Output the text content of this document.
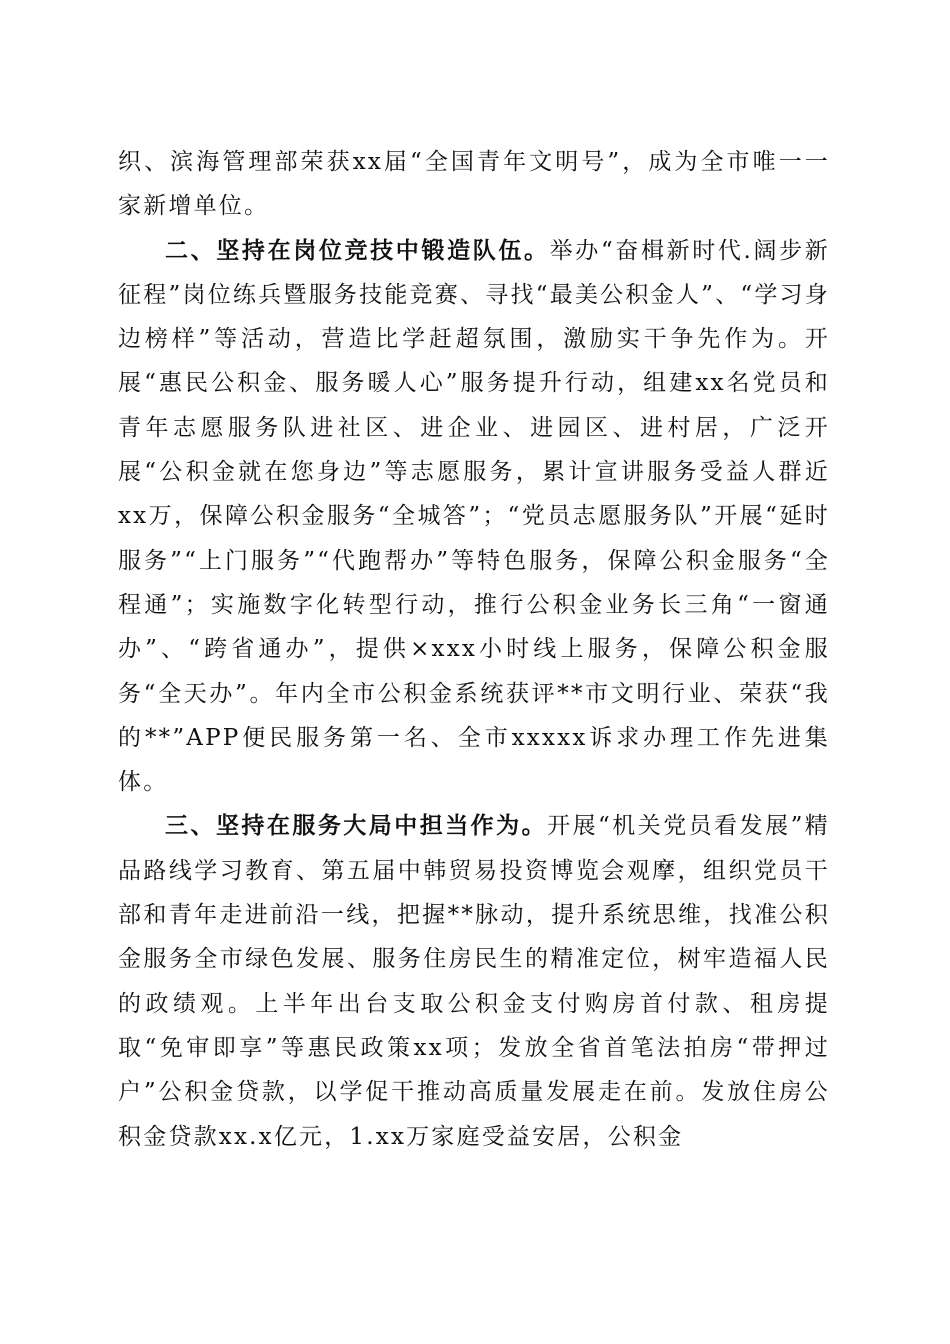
织、滨海管理部荣获xx届“全国青年文明号”，成为全市唯一一家新增单位。

二、坚持在岗位竞技中锻造队伍。举办“奋楫新时代.阔步新征程”岗位练兵暨服务技能竞赛、寻找“最美公积金人”、“学习身边榜样”等活动，营造比学赶超氛围，激励实干争先作为。开展“惠民公积金、服务暖人心”服务提升行动，组建xx名党员和青年志愿服务队进社区、进企业、进园区、进村居，广泛开展“公积金就在您身边”等志愿服务，累计宣讲服务受益人群近xx万，保障公积金服务“全城答”；“党员志愿服务队”开展“延时服务”“上门服务”“代跑帮办”等特色服务，保障公积金服务“全程通”；实施数字化转型行动，推行公积金业务长三角“一窗通办”、“跨省通办”，提供×xxx小时线上服务，保障公积金服务“全天办”。年内全市公积金系统获评**市文明行业、荣获“我的**”APP便民服务第一名、全市xxxxx诉求办理工作先进集体。

三、坚持在服务大局中担当作为。开展“机关党员看发展”精品路线学习教育、第五届中韩贸易投资博览会观摩，组织党员干部和青年走进前沿一线，把握**脉动，提升系统思维，找准公积金服务全市绿色发展、服务住房民生的精准定位，树牢造福人民的政绩观。上半年出台支取公积金支付购房首付款、租房提取“免审即享”等惠民政策xx项；发放全省首笔法拍房“带押过户”公积金贷款，以学促干推动高质量发展走在前。发放住房公积金贷款xx.x亿元，1.xx万家庭受益安居，公积金
